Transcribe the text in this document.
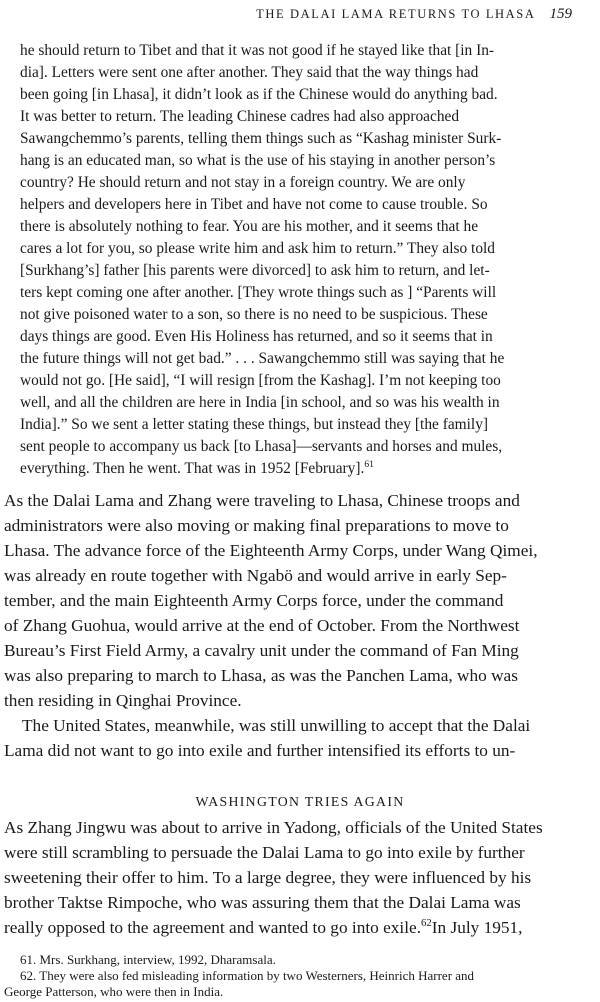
THE DALAI LAMA RETURNS TO LHASA 159
he should return to Tibet and that it was not good if he stayed like that [in In-
dia]. Letters were sent one after another. They said that the way things had
been going [in Lhasa], it didn’t look as if the Chinese would do anything bad.
It was better to return. The leading Chinese cadres had also approached
Sawangchemmo’s parents, telling them things such as “Kashag minister Surk-
hang is an educated man, so what is the use of his staying in another person’s
country? He should return and not stay in a foreign country. We are only
helpers and developers here in Tibet and have not come to cause trouble. So
there is absolutely nothing to fear. You are his mother, and it seems that he
cares a lot for you, so please write him and ask him to return.” They also told
[Surkhang’s] father [his parents were divorced] to ask him to return, and let-
ters kept coming one after another. [They wrote things such as ] “Parents will
not give poisoned water to a son, so there is no need to be suspicious. These
days things are good. Even His Holiness has returned, and so it seems that in
the future things will not get bad.” . . . Sawangchemmo still was saying that he
would not go. [He said], “I will resign [from the Kashag]. I’m not keeping too
well, and all the children are here in India [in school, and so was his wealth in
India].” So we sent a letter stating these things, but instead they [the family]
sent people to accompany us back [to Lhasa]—servants and horses and mules,
everything. Then he went. That was in 1952 [February].$^{61}$
As the Dalai Lama and Zhang were traveling to Lhasa, Chinese troops and
administrators were also moving or making final preparations to move to
Lhasa. The advance force of the Eighteenth Army Corps, under Wang Qimei,
was already en route together with Ngabö and would arrive in early Sep-
tember, and the main Eighteenth Army Corps force, under the command
of Zhang Guohua, would arrive at the end of October. From the Northwest
Bureau’s First Field Army, a cavalry unit under the command of Fan Ming
was also preparing to march to Lhasa, as was the Panchen Lama, who was
then residing in Qinghai Province.
The United States, meanwhile, was still unwilling to accept that the Dalai
Lama did not want to go into exile and further intensified its efforts to un-
WASHINGTON TRIES AGAIN
As Zhang Jingwu was about to arrive in Yadong, officials of the United States
were still scrambling to persuade the Dalai Lama to go into exile by further
sweetening their offer to him. To a large degree, they were influenced by his
brother Taktse Rimpoche, who was assuring them that the Dalai Lama was
really opposed to the agreement and wanted to go into exile.$^{62}$In July 1951,
61. Mrs. Surkhang, interview, 1992, Dharamsala.
62. They were also fed misleading information by two Westerners, Heinrich Harrer and
George Patterson, who were then in India.
